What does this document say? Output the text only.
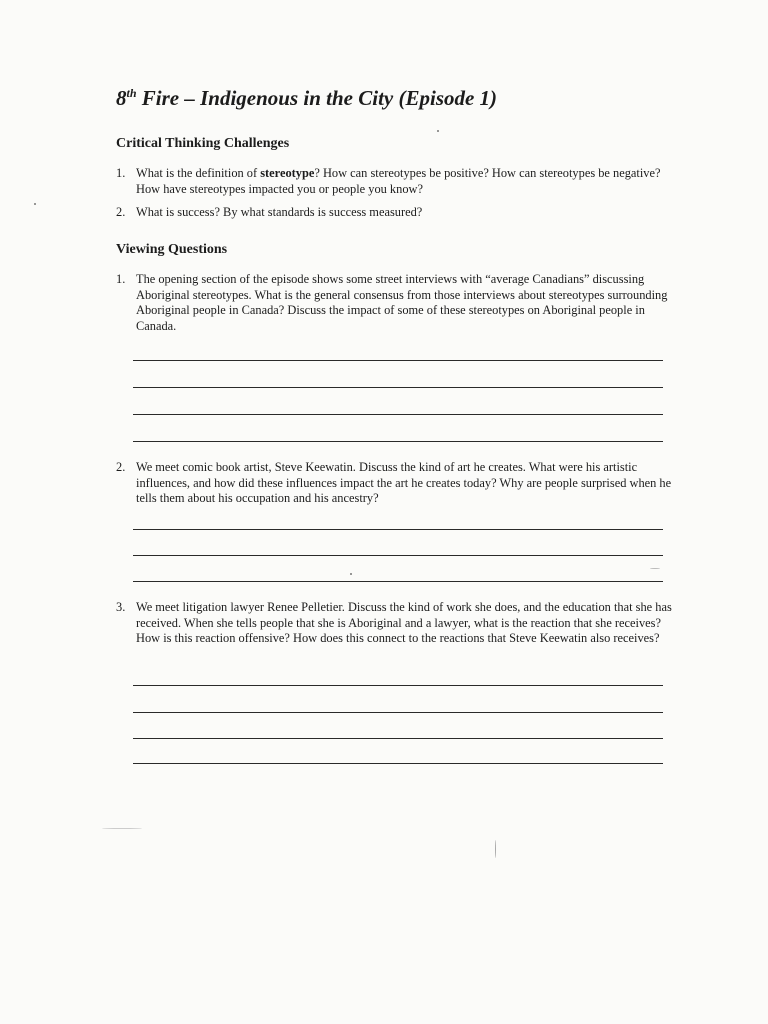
8th Fire – Indigenous in the City (Episode 1)
Critical Thinking Challenges
1. What is the definition of stereotype? How can stereotypes be positive? How can stereotypes be negative? How have stereotypes impacted you or people you know?
2. What is success? By what standards is success measured?
Viewing Questions
1. The opening section of the episode shows some street interviews with “average Canadians” discussing Aboriginal stereotypes. What is the general consensus from those interviews about stereotypes surrounding Aboriginal people in Canada? Discuss the impact of some of these stereotypes on Aboriginal people in Canada.
2. We meet comic book artist, Steve Keewatin. Discuss the kind of art he creates. What were his artistic influences, and how did these influences impact the art he creates today? Why are people surprised when he tells them about his occupation and his ancestry?
3. We meet litigation lawyer Renee Pelletier. Discuss the kind of work she does, and the education that she has received. When she tells people that she is Aboriginal and a lawyer, what is the reaction that she receives? How is this reaction offensive? How does this connect to the reactions that Steve Keewatin also receives?
